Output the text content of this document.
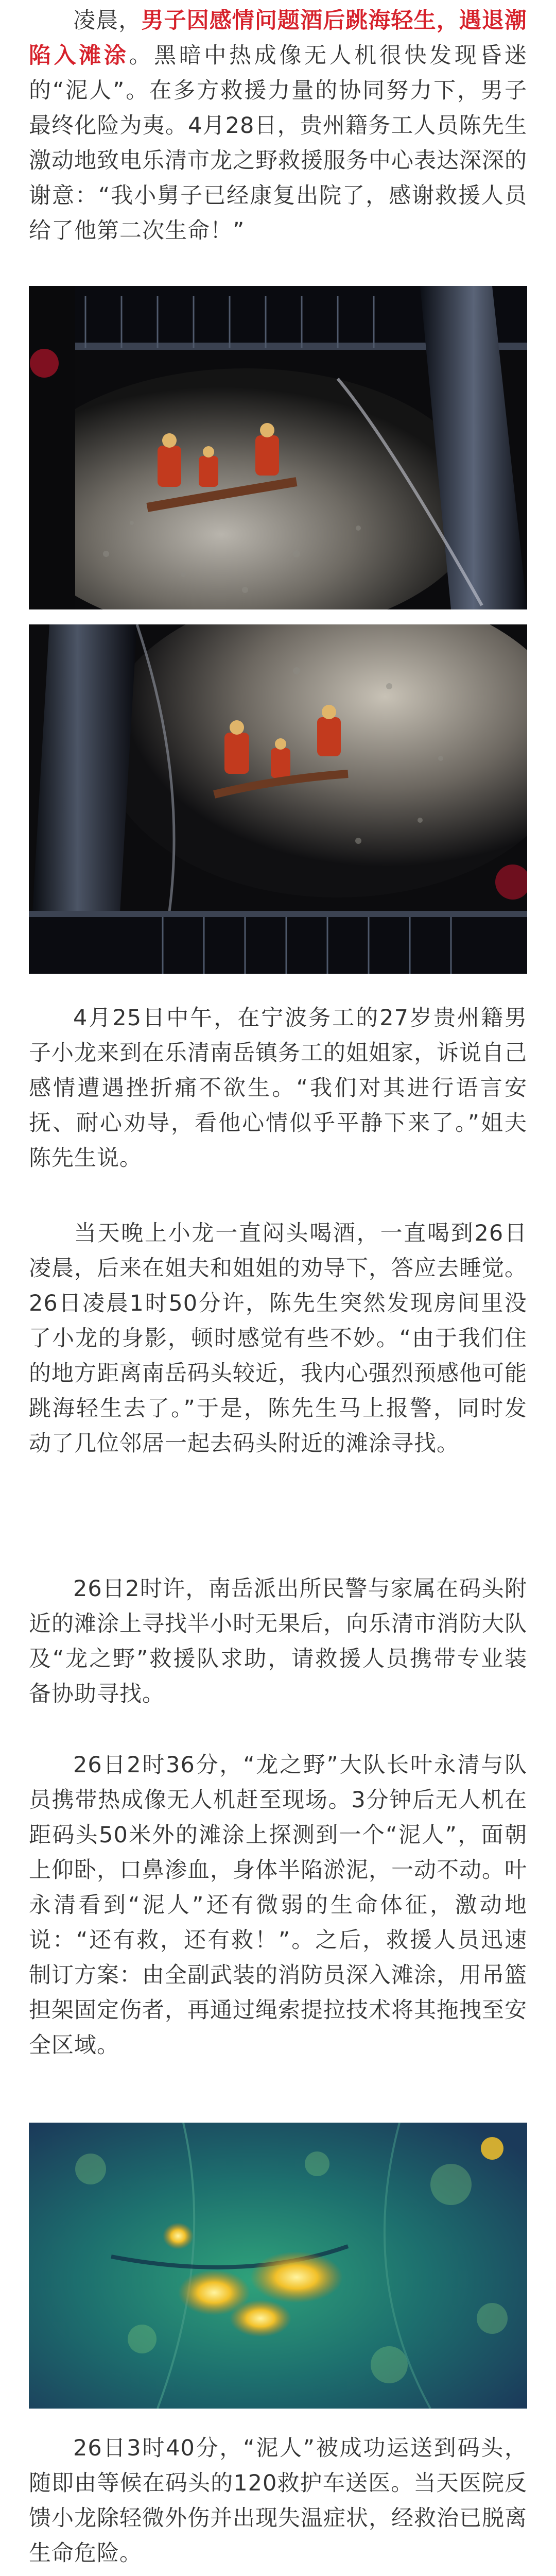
凌晨，男子因感情问题酒后跳海轻生，遇退潮陷入滩涂。黑暗中热成像无人机很快发现昏迷的“泥人”。在多方救援力量的协同努力下，男子最终化险为夷。4月28日，贵州籍务工人员陈先生激动地致电乐清市龙之野救援服务中心表达深深的谢意：“我小舅子已经康复出院了，感谢救援人员给了他第二次生命！”

4月25日中午，在宁波务工的27岁贵州籍男子小龙来到在乐清南岳镇务工的姐姐家，诉说自己感情遭遇挫折痛不欲生。“我们对其进行语言安抚、耐心劝导，看他心情似乎平静下来了。”姐夫陈先生说。

当天晚上小龙一直闷头喝酒，一直喝到26日凌晨，后来在姐夫和姐姐的劝导下，答应去睡觉。26日凌晨1时50分许，陈先生突然发现房间里没了小龙的身影，顿时感觉有些不妙。“由于我们住的地方距离南岳码头较近，我内心强烈预感他可能跳海轻生去了。”于是，陈先生马上报警，同时发动了几位邻居一起去码头附近的滩涂寻找。

26日2时许，南岳派出所民警与家属在码头附近的滩涂上寻找半小时无果后，向乐清市消防大队及“龙之野”救援队求助，请救援人员携带专业装备协助寻找。

26日2时36分，“龙之野”大队长叶永清与队员携带热成像无人机赶至现场。3分钟后无人机在距码头50米外的滩涂上探测到一个“泥人”，面朝上仰卧，口鼻渗血，身体半陷淤泥，一动不动。叶永清看到“泥人”还有微弱的生命体征，激动地说：“还有救，还有救！”。之后，救援人员迅速制订方案：由全副武装的消防员深入滩涂，用吊篮担架固定伤者，再通过绳索提拉技术将其拖拽至安全区域。

26日3时40分，“泥人”被成功运送到码头，随即由等候在码头的120救护车送医。当天医院反馈小龙除轻微外伤并出现失温症状，经救治已脱离生命危险。
